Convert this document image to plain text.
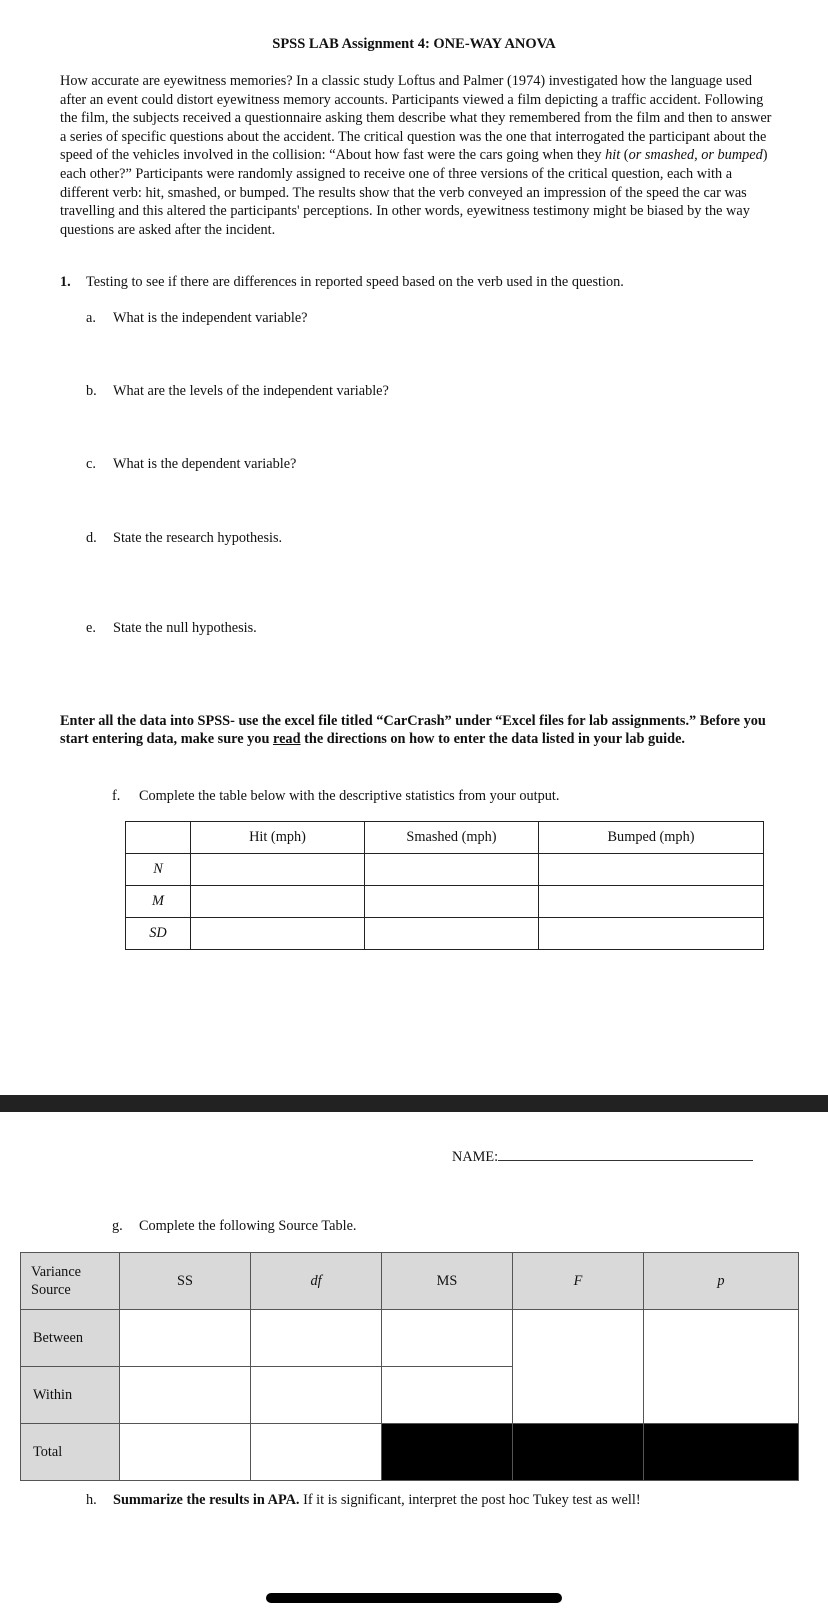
SPSS LAB Assignment 4: ONE-WAY ANOVA

How accurate are eyewitness memories? In a classic study Loftus and Palmer (1974) investigated how the language used after an event could distort eyewitness memory accounts. Participants viewed a film depicting a traffic accident. Following the film, the subjects received a questionnaire asking them describe what they remembered from the film and then to answer a series of specific questions about the accident. The critical question was the one that interrogated the participant about the speed of the vehicles involved in the collision: “About how fast were the cars going when they hit (or smashed, or bumped) each other?” Participants were randomly assigned to receive one of three versions of the critical question, each with a different verb: hit, smashed, or bumped. The results show that the verb conveyed an impression of the speed the car was travelling and this altered the participants' perceptions. In other words, eyewitness testimony might be biased by the way questions are asked after the incident.

1. Testing to see if there are differences in reported speed based on the verb used in the question.
a. What is the independent variable?
b. What are the levels of the independent variable?
c. What is the dependent variable?
d. State the research hypothesis.
e. State the null hypothesis.

Enter all the data into SPSS- use the excel file titled “CarCrash” under “Excel files for lab assignments.” Before you start entering data, make sure you read the directions on how to enter the data listed in your lab guide.

f. Complete the table below with the descriptive statistics from your output.
	Hit (mph)	Smashed (mph)	Bumped (mph)
N			
M			
SD			
NAME:
g. Complete the following Source Table.
Variance
Source	SS	df	MS	F	p
Between					
Within					
Total					
h. Summarize the results in APA. If it is significant, interpret the post hoc Tukey test as well!
